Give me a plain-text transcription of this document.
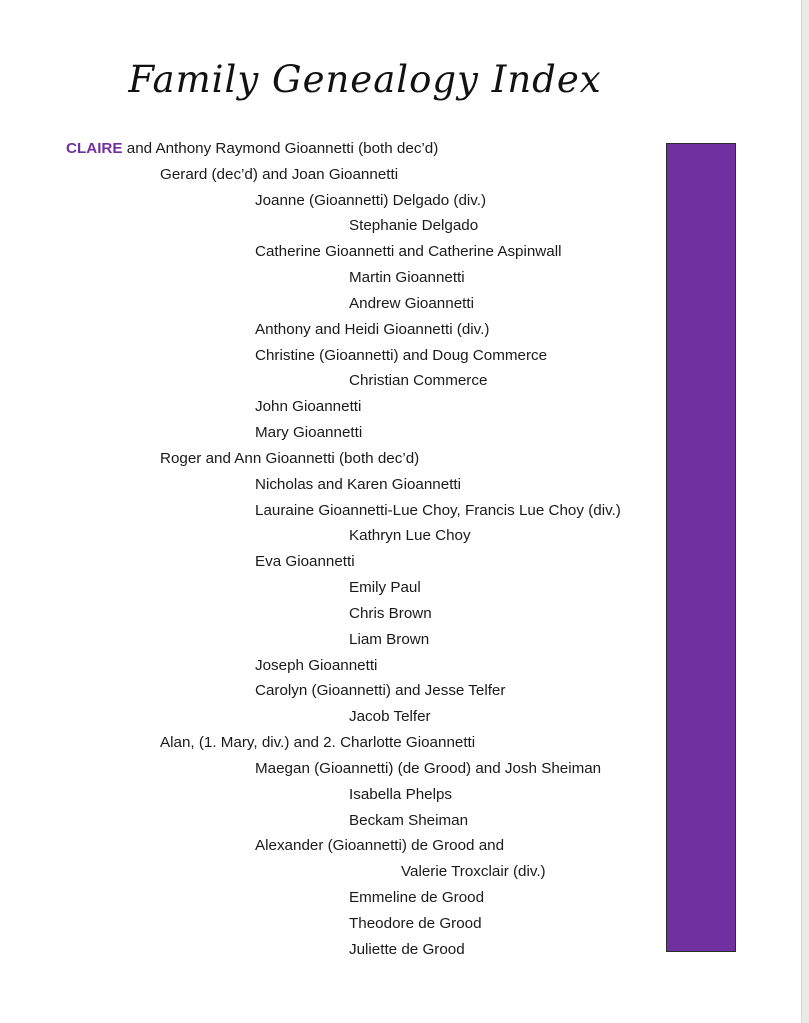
Family Genealogy Index
CLAIRE and Anthony Raymond Gioannetti (both dec’d)
Gerard (dec’d) and Joan Gioannetti
Joanne (Gioannetti) Delgado (div.)
Stephanie Delgado
Catherine Gioannetti and Catherine Aspinwall
Martin Gioannetti
Andrew Gioannetti
Anthony and Heidi Gioannetti (div.)
Christine (Gioannetti) and Doug Commerce
Christian Commerce
John Gioannetti
Mary Gioannetti
Roger and Ann Gioannetti (both dec’d)
Nicholas and Karen Gioannetti
Lauraine Gioannetti-Lue Choy, Francis Lue Choy (div.)
Kathryn Lue Choy
Eva Gioannetti
Emily Paul
Chris Brown
Liam Brown
Joseph Gioannetti
Carolyn (Gioannetti) and Jesse Telfer
Jacob Telfer
Alan, (1. Mary, div.) and 2. Charlotte Gioannetti
Maegan (Gioannetti) (de Grood) and Josh Sheiman
Isabella Phelps
Beckam Sheiman
Alexander (Gioannetti) de Grood and
Valerie Troxclair (div.)
Emmeline de Grood
Theodore de Grood
Juliette de Grood
